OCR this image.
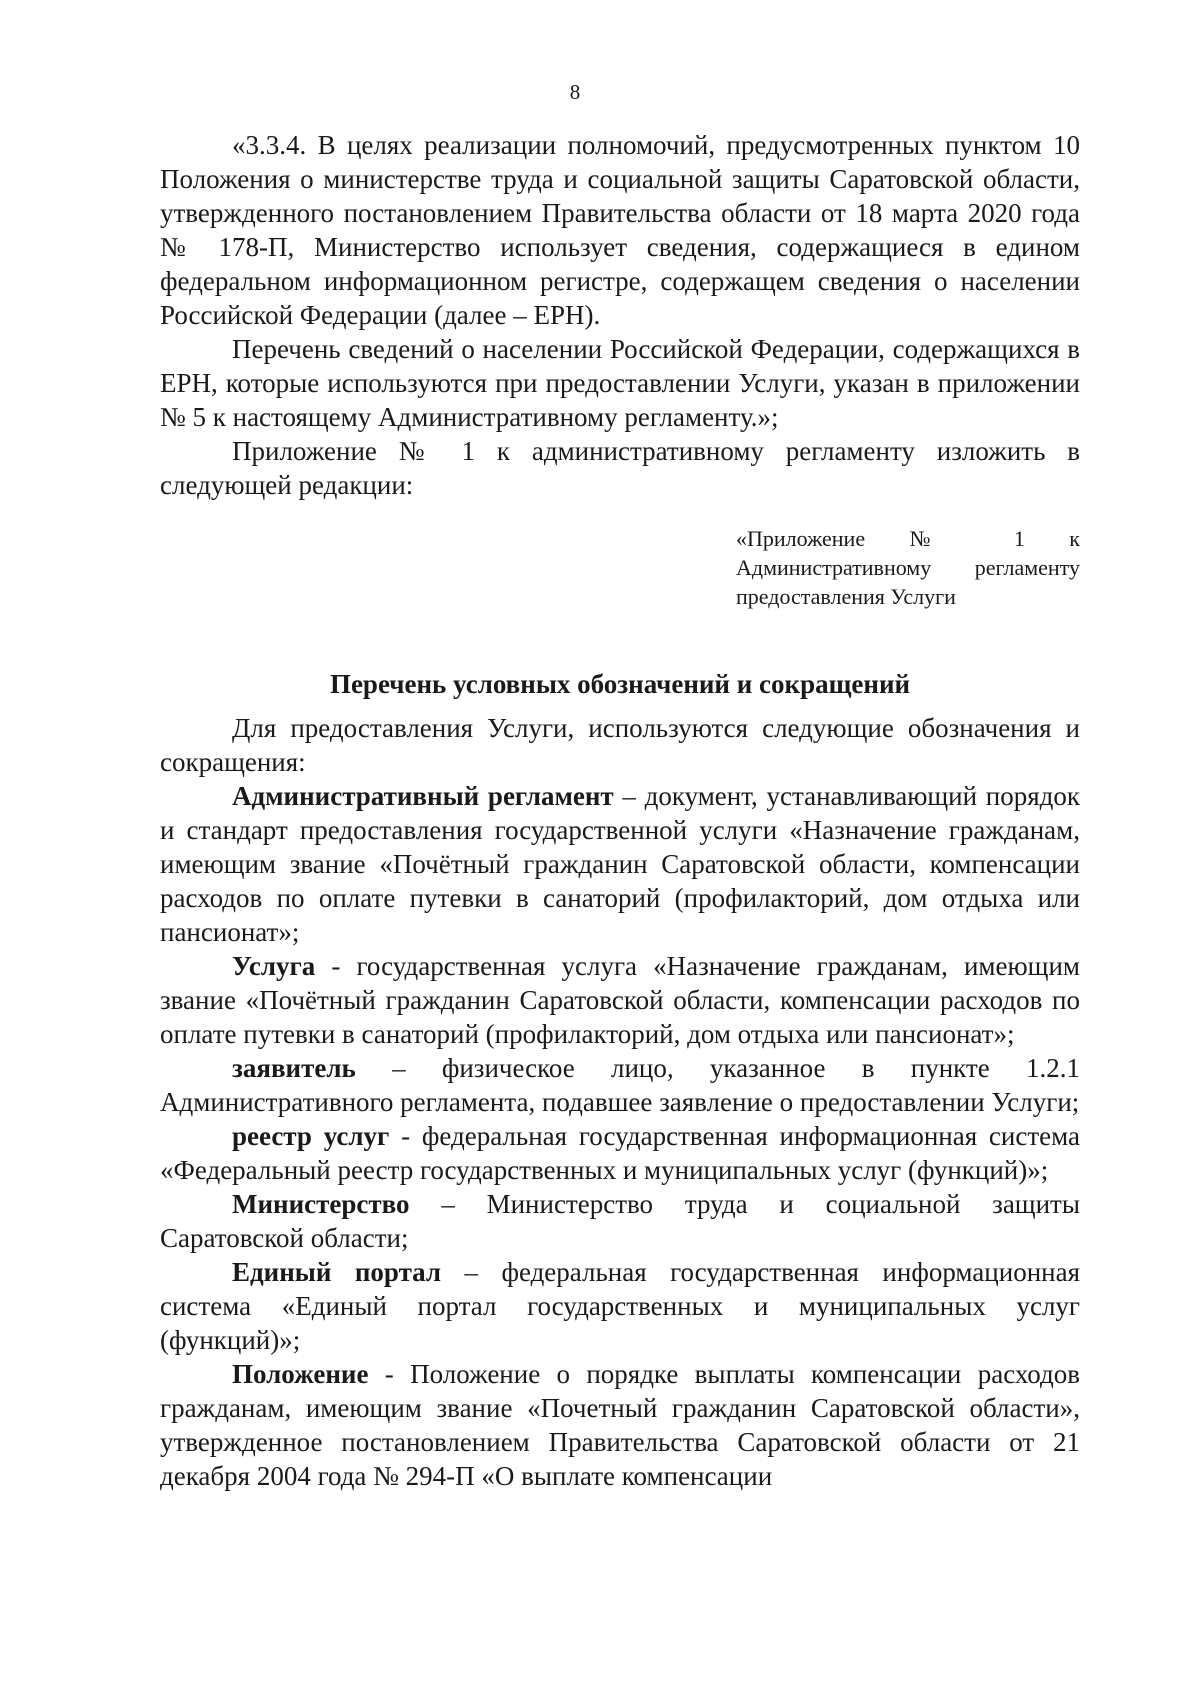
8

«3.3.4. В целях реализации полномочий, предусмотренных пунктом 10 Положения о министерстве труда и социальной защиты Саратовской области, утвержденного постановлением Правительства области от 18 марта 2020 года № 178-П, Министерство использует сведения, содержащиеся в едином федеральном информационном регистре, содержащем сведения о населении Российской Федерации (далее – ЕРН).

Перечень сведений о населении Российской Федерации, содержащихся в ЕРН, которые используются при предоставлении Услуги, указан в приложении № 5 к настоящему Административному регламенту.»;

Приложение № 1 к административному регламенту изложить в следующей редакции:

«Приложение № 1 к Административному регламенту предоставления Услуги
Перечень условных обозначений и сокращений

Для предоставления Услуги, используются следующие обозначения и сокращения:

Административный регламент – документ, устанавливающий порядок и стандарт предоставления государственной услуги «Назначение гражданам, имеющим звание «Почётный гражданин Саратовской области, компенсации расходов по оплате путевки в санаторий (профилакторий, дом отдыха или пансионат»;

Услуга - государственная услуга «Назначение гражданам, имеющим звание «Почётный гражданин Саратовской области, компенсации расходов по оплате путевки в санаторий (профилакторий, дом отдыха или пансионат»;

заявитель – физическое лицо, указанное в пункте 1.2.1 Административного регламента, подавшее заявление о предоставлении Услуги;

реестр услуг - федеральная государственная информационная система «Федеральный реестр государственных и муниципальных услуг (функций)»;

Министерство – Министерство труда и социальной защиты Саратовской области;

Единый портал – федеральная государственная информационная система «Единый портал государственных и муниципальных услуг (функций)»;

Положение - Положение о порядке выплаты компенсации расходов гражданам, имеющим звание «Почетный гражданин Саратовской области», утвержденное постановлением Правительства Саратовской области от 21 декабря 2004 года № 294-П «О выплате компенсации
